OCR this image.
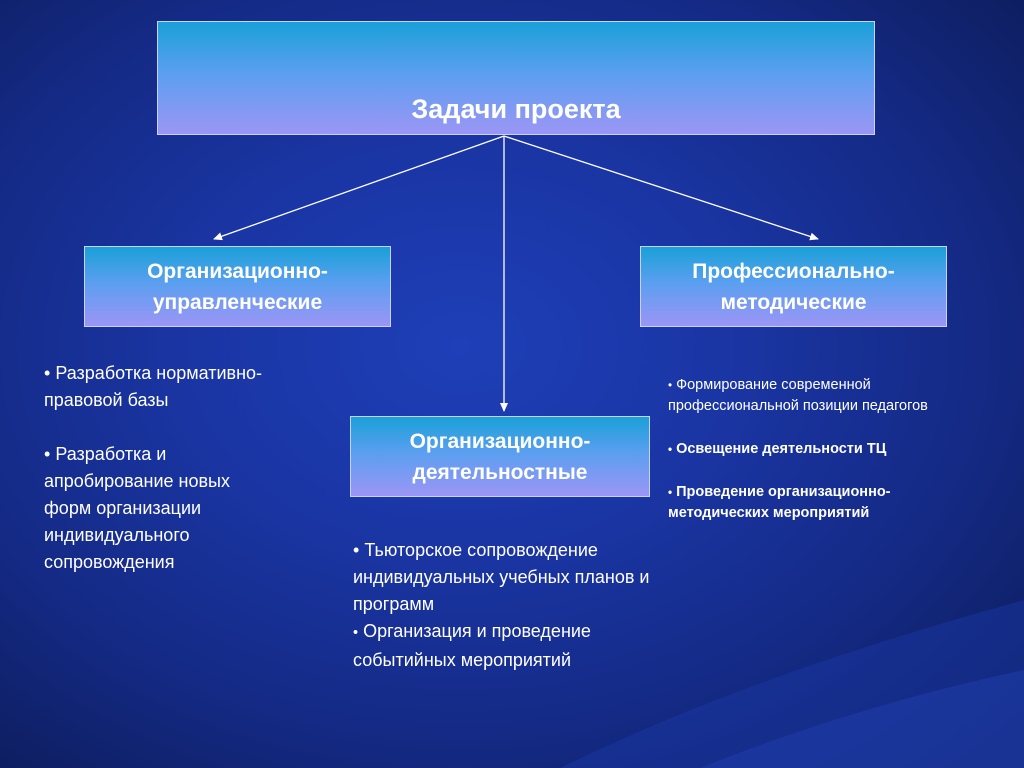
Задачи проекта
Организационно-
управленческие
Профессионально-
методические
Организационно-
деятельностные

• Разработка нормативно-
правовой базы

• Разработка и
апробирование новых
форм организации
индивидуального
сопровождения

• Тьюторское сопровождение
индивидуальных учебных планов и
программ

• Организация и проведение
событийных мероприятий

• Формирование современной
профессиональной позиции педагогов

• Освещение деятельности ТЦ

• Проведение организационно-
методических мероприятий
